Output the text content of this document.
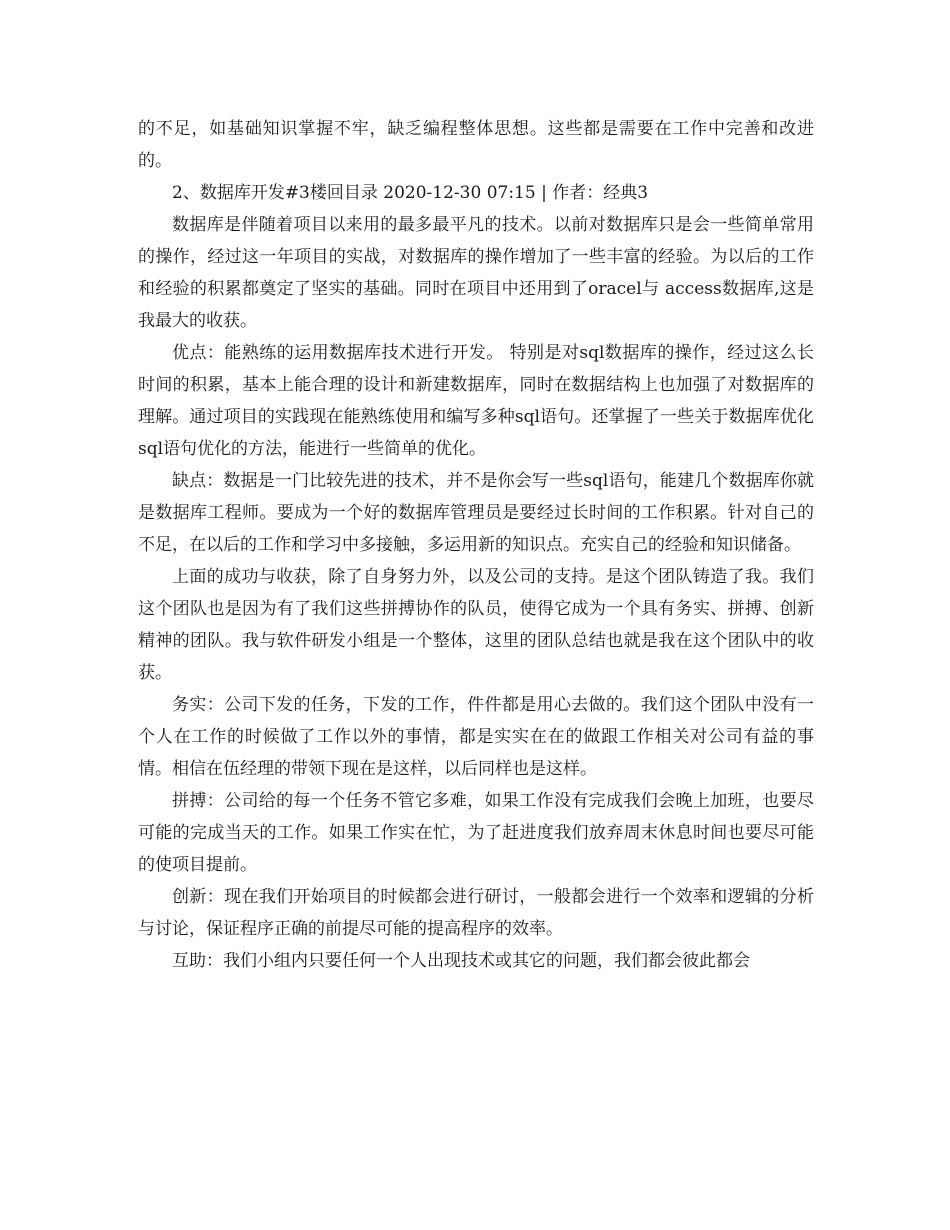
的不足，如基础知识掌握不牢，缺乏编程整体思想。这些都是需要在工作中完善和改进的。

2、数据库开发#3楼回目录 2020-12-30 07:15 | 作者：经典3

数据库是伴随着项目以来用的最多最平凡的技术。以前对数据库只是会一些简单常用的操作，经过这一年项目的实战，对数据库的操作增加了一些丰富的经验。为以后的工作和经验的积累都奠定了坚实的基础。同时在项目中还用到了oracel与 access数据库,这是我最大的收获。

优点：能熟练的运用数据库技术进行开发。 特别是对sql数据库的操作，经过这么长时间的积累，基本上能合理的设计和新建数据库，同时在数据结构上也加强了对数据库的理解。通过项目的实践现在能熟练使用和编写多种sql语句。还掌握了一些关于数据库优化sql语句优化的方法，能进行一些简单的优化。

缺点：数据是一门比较先进的技术，并不是你会写一些sql语句，能建几个数据库你就是数据库工程师。要成为一个好的数据库管理员是要经过长时间的工作积累。针对自己的不足，在以后的工作和学习中多接触，多运用新的知识点。充实自己的经验和知识储备。

上面的成功与收获，除了自身努力外，以及公司的支持。是这个团队铸造了我。我们这个团队也是因为有了我们这些拼搏协作的队员，使得它成为一个具有务实、拼搏、创新精神的团队。我与软件研发小组是一个整体，这里的团队总结也就是我在这个团队中的收获。

务实：公司下发的任务，下发的工作，件件都是用心去做的。我们这个团队中没有一个人在工作的时候做了工作以外的事情，都是实实在在的做跟工作相关对公司有益的事情。相信在伍经理的带领下现在是这样，以后同样也是这样。

拼搏：公司给的每一个任务不管它多难，如果工作没有完成我们会晚上加班，也要尽可能的完成当天的工作。如果工作实在忙，为了赶进度我们放弃周末休息时间也要尽可能的使项目提前。

创新：现在我们开始项目的时候都会进行研讨，一般都会进行一个效率和逻辑的分析与讨论，保证程序正确的前提尽可能的提高程序的效率。

互助：我们小组内只要任何一个人出现技术或其它的问题，我们都会彼此都会
